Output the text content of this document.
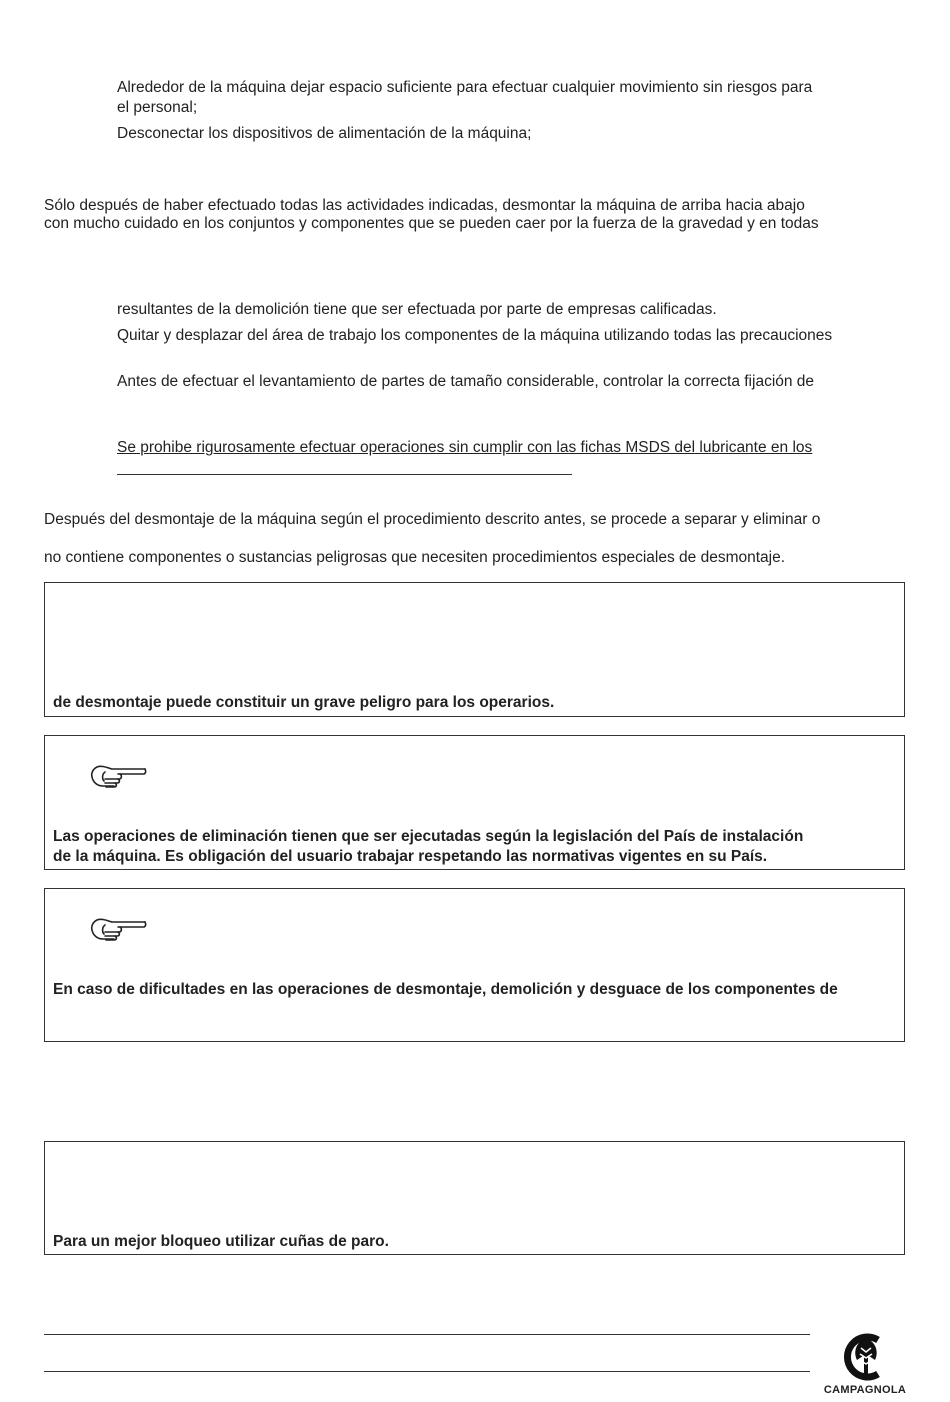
Alrededor de la máquina dejar espacio suficiente para efectuar cualquier movimiento sin riesgos para
el personal;
Desconectar los dispositivos de alimentación de la máquina;
Sólo después de haber efectuado todas las actividades indicadas, desmontar la máquina de arriba hacia abajo
con mucho cuidado en los conjuntos y componentes que se pueden caer por la fuerza de la gravedad y en todas
resultantes de la demolición tiene que ser efectuada por parte de empresas calificadas.
Quitar y desplazar del área de trabajo los componentes de la máquina utilizando todas las precauciones
Antes de efectuar el levantamiento de partes de tamaño considerable, controlar la correcta fijación de
Se prohibe rigurosamente efectuar operaciones sin cumplir con las fichas MSDS del lubricante en los
Después del desmontaje de la máquina según el procedimiento descrito antes, se procede a separar y eliminar o
no contiene componentes o sustancias peligrosas que necesiten procedimientos especiales de desmontaje.
de desmontaje puede constituir un grave peligro para los operarios.
Las operaciones de eliminación tienen que ser ejecutadas según la legislación del País de instalación
de la máquina. Es obligación del usuario trabajar respetando las normativas vigentes en su País.
En caso de dificultades en las operaciones de desmontaje, demolición y desguace de los componentes de
Para un mejor bloqueo utilizar cuñas de paro.
CAMPAGNOLA
